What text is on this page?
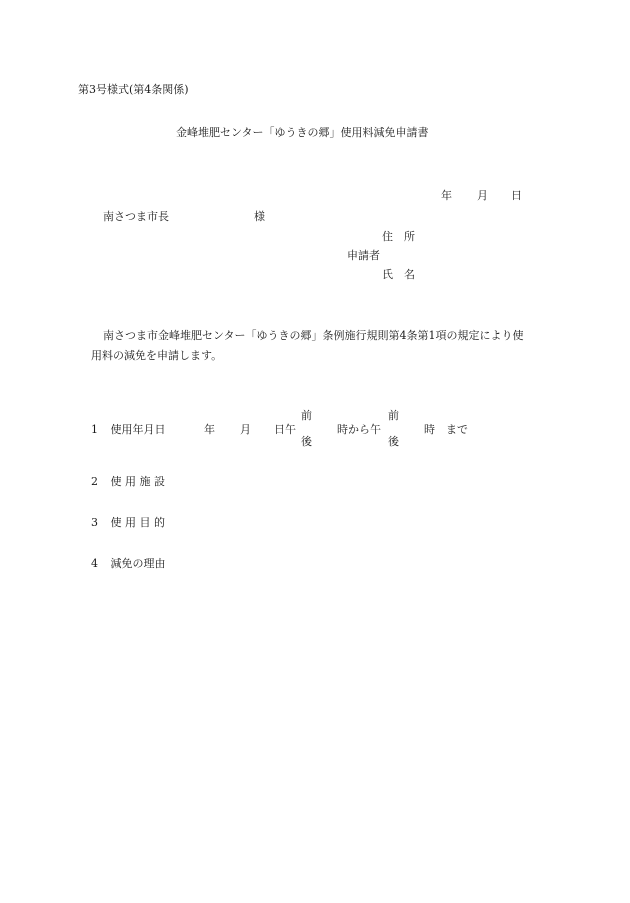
第3号様式(第4条関係)
金峰堆肥センター「ゆうきの郷」使用料減免申請書
年 月 日
南さつま市長	様
住　所
申請者
氏　名
南さつま市金峰堆肥センター「ゆうきの郷」条例施行規則第4条第1項の規定により使
用料の減免を申請します。
1 使用年月日	年 月 日午
前
後
時から午
前
後
時　まで
2 使 用 施 設
3 使 用 目 的
4 減免の理由
